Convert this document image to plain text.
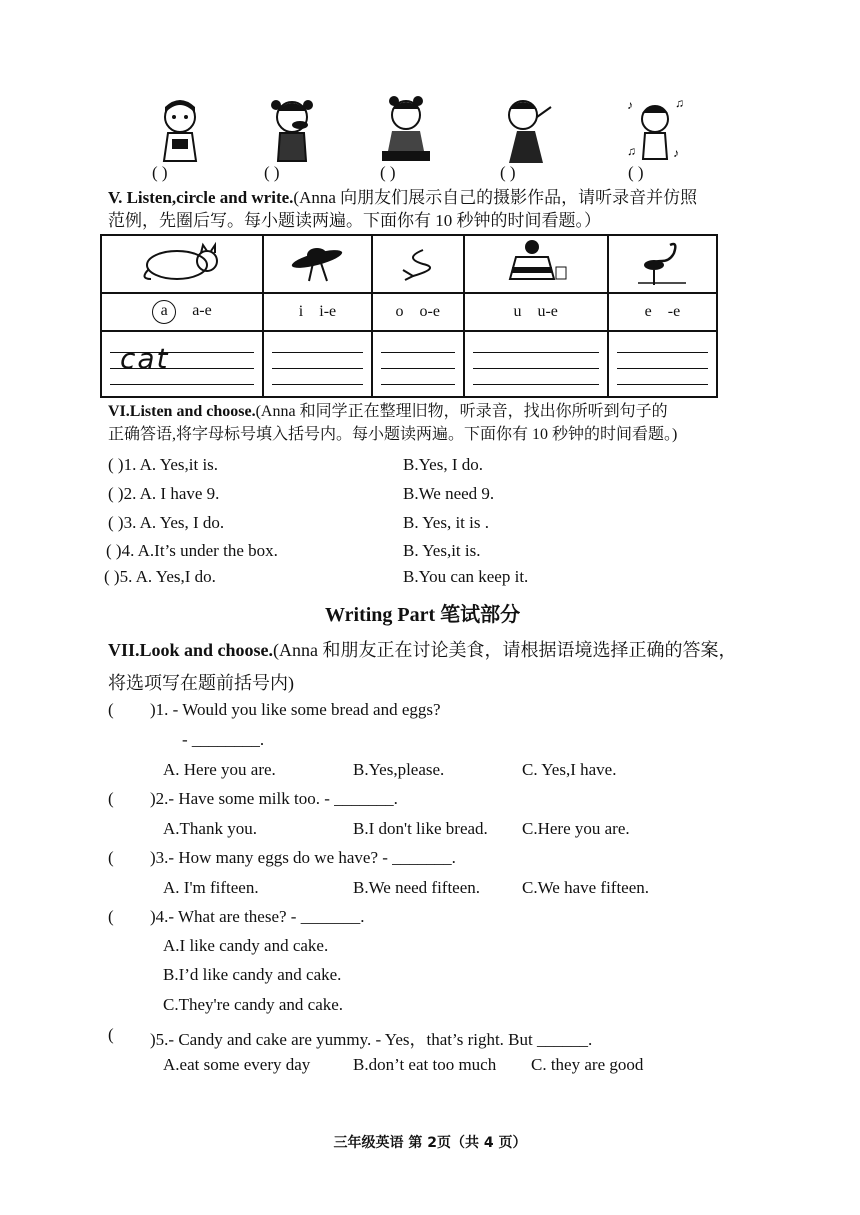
♪	♫
♫	♪
( )	( )	( )	( )	( )
V. Listen,circle and write.(Anna 向朋友们展示自己的摄影作品，请听录音并仿照
范例，先圈后写。每小题读两遍。下面你有 10 秒钟的时间看题。）

a a-e	i i-e	o o-e	u u-e	e -e

cat				

VI.Listen and choose.(Anna 和同学正在整理旧物，听录音，找出你所听到句子的
正确答语,将字母标号填入括号内。每小题读两遍。下面你有 10 秒钟的时间看题。)
( )1. A. Yes,it is.	B.Yes, I do.
( )2. A. I have 9.	B.We need 9.
( )3. A. Yes, I do.	B. Yes, it is .
( )4. A.It’s under the box.	B. Yes,it is.
( )5. A. Yes,I do.	B.You can keep it.
Writing Part 笔试部分
VII.Look and choose.(Anna 和朋友正在讨论美食，请根据语境选择正确的答案，
将选项写在题前括号内)
( )1. - Would you like some bread and eggs?
- ________.
A. Here you are.	B.Yes,please.	C. Yes,I have.
( )2.- Have some milk too. - _______.
A.Thank you.	B.I don't like bread. C.Here you are.
( )3.- How many eggs do we have? - _______.
A. I'm fifteen.	B.We need fifteen. C.We have fifteen.
( )4.- What are these? - _______.
A.I like candy and cake.
B.I’d like candy and cake.
C.They're candy and cake.
( )5.- Candy and cake are yummy. - Yes，that’s right. But ______.
A.eat some every day	B.don’t eat too much C. they are good
三年级英语 第 2页（共 4 页）
